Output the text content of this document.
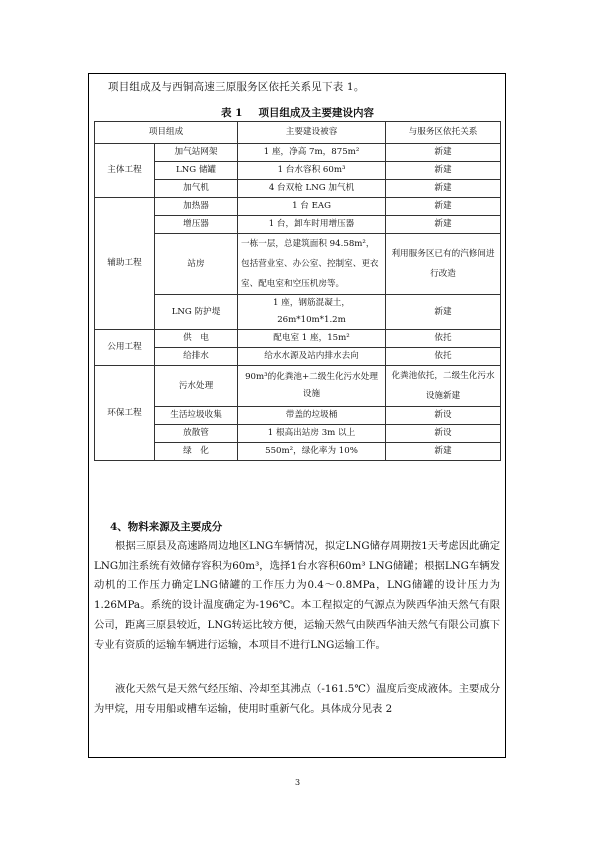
项目组成及与西铜高速三原服务区依托关系见下表 1。
表 1 项目组成及主要建设内容
项目组成		主要建设被容	与服务区依托关系
主体工程	加气站网架	1 座，净高 7m，875m²	新建
	LNG 储罐	1 台水容积 60m³	新建
	加气机	4 台双枪 LNG 加气机	新建
辅助工程	加热器	1 台 EAG	新建
	增压器	1 台，卸车时用增压器	新建
	站房	一栋一层，总建筑面积 94.58m²，包括营业室、办公室、控制室、更衣室、配电室和空压机房等。	利用服务区已有的汽修间进行改造
	LNG 防护堤	1 座，钢筋混凝土，26m*10m*1.2m	新建
公用工程	供　电	配电室 1 座，15m²	依托
	给排水	给水水源及站内排水去向	依托
环保工程	污水处理	90m³的化粪池+二级生化污水处理设施	化粪池依托，二级生化污水设施新建
	生活垃圾收集	带盖的垃圾桶	新设
	放散管	1 根高出站房 3m 以上	新设
	绿　化	550m²，绿化率为 10%	新建
4、物料来源及主要成分
根据三原县及高速路周边地区LNG车辆情况，拟定LNG储存周期按1天考虑因此确定LNG加注系统有效储存容积为60m³，选择1台水容积60m³ LNG储罐；根据LNG车辆发动机的工作压力确定LNG储罐的工作压力为0.4～0.8MPa，LNG储罐的设计压力为1.26MPa。系统的设计温度确定为-196℃。本工程拟定的气源点为陕西华油天然气有限公司，距离三原县较近，LNG转运比较方便，运输天然气由陕西华油天然气有限公司旗下专业有资质的运输车辆进行运输，本项目不进行LNG运输工作。
液化天然气是天然气经压缩、冷却至其沸点（-161.5℃）温度后变成液体。主要成分为甲烷，用专用船或槽车运输，使用时重新气化。具体成分见表 2
3
